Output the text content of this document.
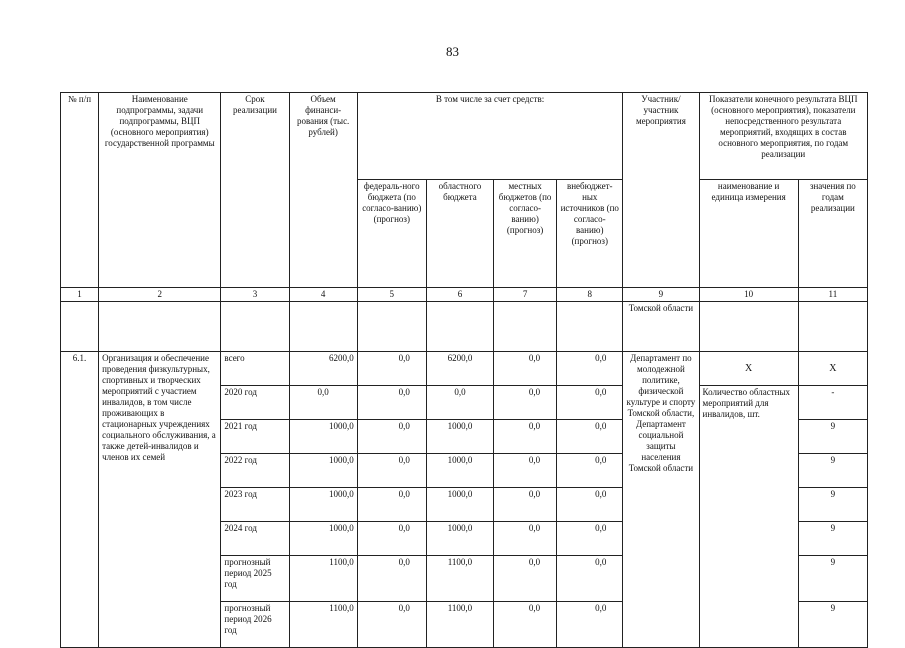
83
№ п/п	Наименование подпрограммы, задачи подпрограммы, ВЦП (основного мероприятия) государственной программы	Срок реализации	Объем финанси-рования (тыс. рублей)	В том числе за счет средств:				Участник/ участник мероприятия	Показатели конечного результата ВЦП (основного мероприятия), показатели непосредственного результата мероприятий, входящих в состав основного мероприятия, по годам реализации	
				федераль-ного бюджета (по согласо-ванию) (прогноз)	областного бюджета	местных бюджетов (по согласо-ванию) (прогноз)	внебюджет-ных источников (по согласо-ванию) (прогноз)		наименование и единица измерения	значения по годам реализации
1	2	3	4	5	6	7	8	9	10	11
								Томской области		
6.1.	Организация и обеспечение проведения физкультурных, спортивных и творческих мероприятий с участием инвалидов, в том числе проживающих в стационарных учреждениях социального обслуживания, а также детей-инвалидов и членов их семей	всего	6200,0	0,0	6200,0	0,0	0,0	Департамент по молодежной политике, физической культуре и спорту Томской области, Департамент социальной защиты населения Томской области	X	X
		2020 год	0,0	0,0	0,0	0,0	0,0		Количество областных мероприятий для инвалидов, шт.	-
		2021 год	1000,0	0,0	1000,0	0,0	0,0			9
		2022 год	1000,0	0,0	1000,0	0,0	0,0			9
		2023 год	1000,0	0,0	1000,0	0,0	0,0			9
		2024 год	1000,0	0,0	1000,0	0,0	0,0			9
		прогнозный период 2025 год	1100,0	0,0	1100,0	0,0	0,0			9
		прогнозный период 2026 год	1100,0	0,0	1100,0	0,0	0,0			9
